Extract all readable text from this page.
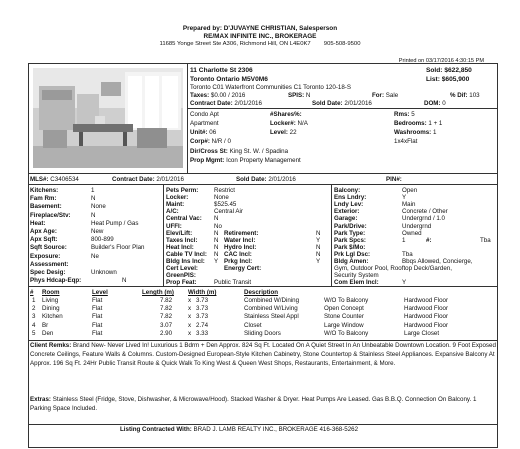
Prepared by: D'JUVAYNE CHRISTIAN, Salesperson
RE/MAX INFINITE INC., BROKERAGE
11685 Yonge Street Ste A306, Richmond Hill, ON L4E0K7 905-508-9500
Printed on 03/17/2016 4:30:15 PM
11 Charlotte St 2306
Toronto Ontario M5V0M6
Toronto C01 Waterfront Communities C1 Toronto 120-18-S
Taxes: $0.00 / 2016	SPIS: N	For: Sale	% Dif: 103
Contract Date: 2/01/2016	Sold Date: 2/01/2016	DOM: 0
Sold: $622,850
List: $605,900
Condo Apt
Apartment
Unit#: 06
Corp#: N/R / 0
#Shares%:
Locker#: N/A
Level: 22
Rms: 5
Bedrooms: 1 + 1
Washrooms: 1
1x4xFlat
Dir/Cross St: King St. W. / Spadina
Prop Mgmt: Icon Property Management
MLS#: C3406534	Contract Date: 2/01/2016	Sold Date: 2/01/2016	PIN#:
Kitchens:	1
Fam Rm:	N
Basement:	None
Fireplace/Stv:	N
Heat:	Heat Pump / Gas
Apx Age:	New
Apx Sqft:	800-899
Sqft Source:	Builder's Floor Plan
Exposure:	Ne
Assessment:
Spec Desig:	Unknown
Phys Hdcap-Eqp:	N
Pets Perm:	Restrict
Locker:	None
Maint:	$525.45
A/C:	Central Air
Central Vac: N
UFFI:	No
Elev/Lift:	N Retirement:	N
Taxes Incl:	N Water Incl:	Y
Heat Incl:	N Hydro Incl:	N
Cable TV Incl: N CAC Incl:	N
Bldg Ins Incl: Y Prkg Incl:	Y
Cert Level:	Energy Cert:
GreenPIS:
Prop Feat:	Public Transit
Balcony:	Open
Ens Lndry:	Y
Lndy Lev:	Main
Exterior:	Concrete / Other
Garage:	Undergrnd / 1.0
Park/Drive:	Undergrnd
Park Type:	Owned
Park Spcs:	1	#:	Tba
Park $/Mo:
Prk Lgl Dsc:	Tba
Bldg Amen:	Bbqs Allowed, Concierge,
Gym, Outdoor Pool, Rooftop Deck/Garden,
Security System
Com Elem Incl:	Y
# Room	Level	Length (m) Width (m)	Description
1 Living	Flat	7.82	x 3.73	Combined W/Dining	W/O To Balcony	Hardwood Floor
2 Dining	Flat	7.82	x 3.73	Combined W/Living	Open Concept	Hardwood Floor
3 Kitchen	Flat	7.82	x 3.73	Stainless Steel Appl	Stone Counter	Hardwood Floor
4 Br	Flat	3.07	x 2.74	Closet	Large Window	Hardwood Floor
5 Den	Flat	2.90	x 3.33	Sliding Doors	W/O To Balcony	Large Closet
Client Remks: Brand New- Never Lived In! Luxurious 1 Bdrm + Den Approx. 824 Sq Ft. Located On A Quiet Street In An Unbeatable Downtown Location. 9 Foot Exposed Concrete Ceilings, Feature Walls & Columns. Custom-Designed European-Style Kitchen Cabinetry, Stone Countertop & Stainless Steel Appliances. Expansive Balcony At Approx. 196 Sq Ft. 24Hr Public Transit Route & Quick Walk To King West & Queen West Shops, Restaurants, Entertainment, & More.
Extras: Stainless Steel (Fridge, Stove, Dishwasher, & Microwave/Hood). Stacked Washer & Dryer. Heat Pumps Are Leased. Gas B.B.Q. Connection On Balcony. 1 Parking Space Included.
Listing Contracted With: BRAD J. LAMB REALTY INC., BROKERAGE 416-368-5262
